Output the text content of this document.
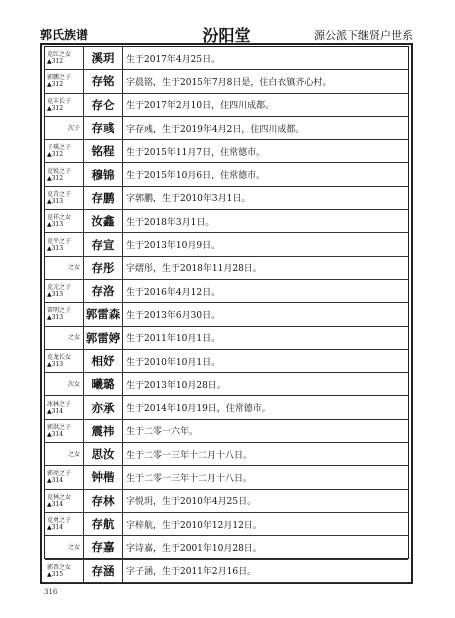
郭氏族谱	汾阳堂	源公派下继贤户世系
克红之女
▲312	溪玥	生于2017年4月25日。

郭鹏之子
▲312	存铭	字晨铭，生于2015年7月8日是，住白衣镇齐心村。

克丰长子
▲312	存仑	生于2017年2月10日，住四川成都。

次子	存彧	字存彧，生于2019年4月2日，住四川成都。

子琪之子
▲312	铭程	生于2015年11月7日，住常德市。

克锐之子
▲312	穆锦	生于2015年10月6日，住常德市。

克青之子
▲313	存鹏	字郭鹏，生于2010年3月1日。

克祥之女
▲313	汝鑫	生于2018年3月1日。

克平之子
▲313	存宣	生于2013年10月9日。

之女	存彤	字熠彤，生于2018年11月28日。

克元之子
▲313	存洛	生于2016年4月12日。

雷明之子
▲313	郭雷森	生于2013年6月30日。

之女	郭雷婷	生于2011年10月1日。

克龙长女
▲313	相妤	生于2010年10月1日。

次女	曦璐	生于2013年10月28日。

冰林之子
▲314	亦承	生于2014年10月19日，住常德市。

郭洪之子
▲314	震祎	生于二零一六年。

之女	思汝	生于二零一三年十二月十八日。

郭亮之子
▲314	钟楷	生于二零一三年十二月十八日。

克林之女
▲314	存林	字悦玥，生于2010年4月25日。

克勇之子
▲314	存航	字梓航，生于2010年12月12日。

之女	存嘉	字诗嘉，生于2001年10月28日。

郭晋之女
▲315	存涵	字子涵，生于2011年2月16日。
316
